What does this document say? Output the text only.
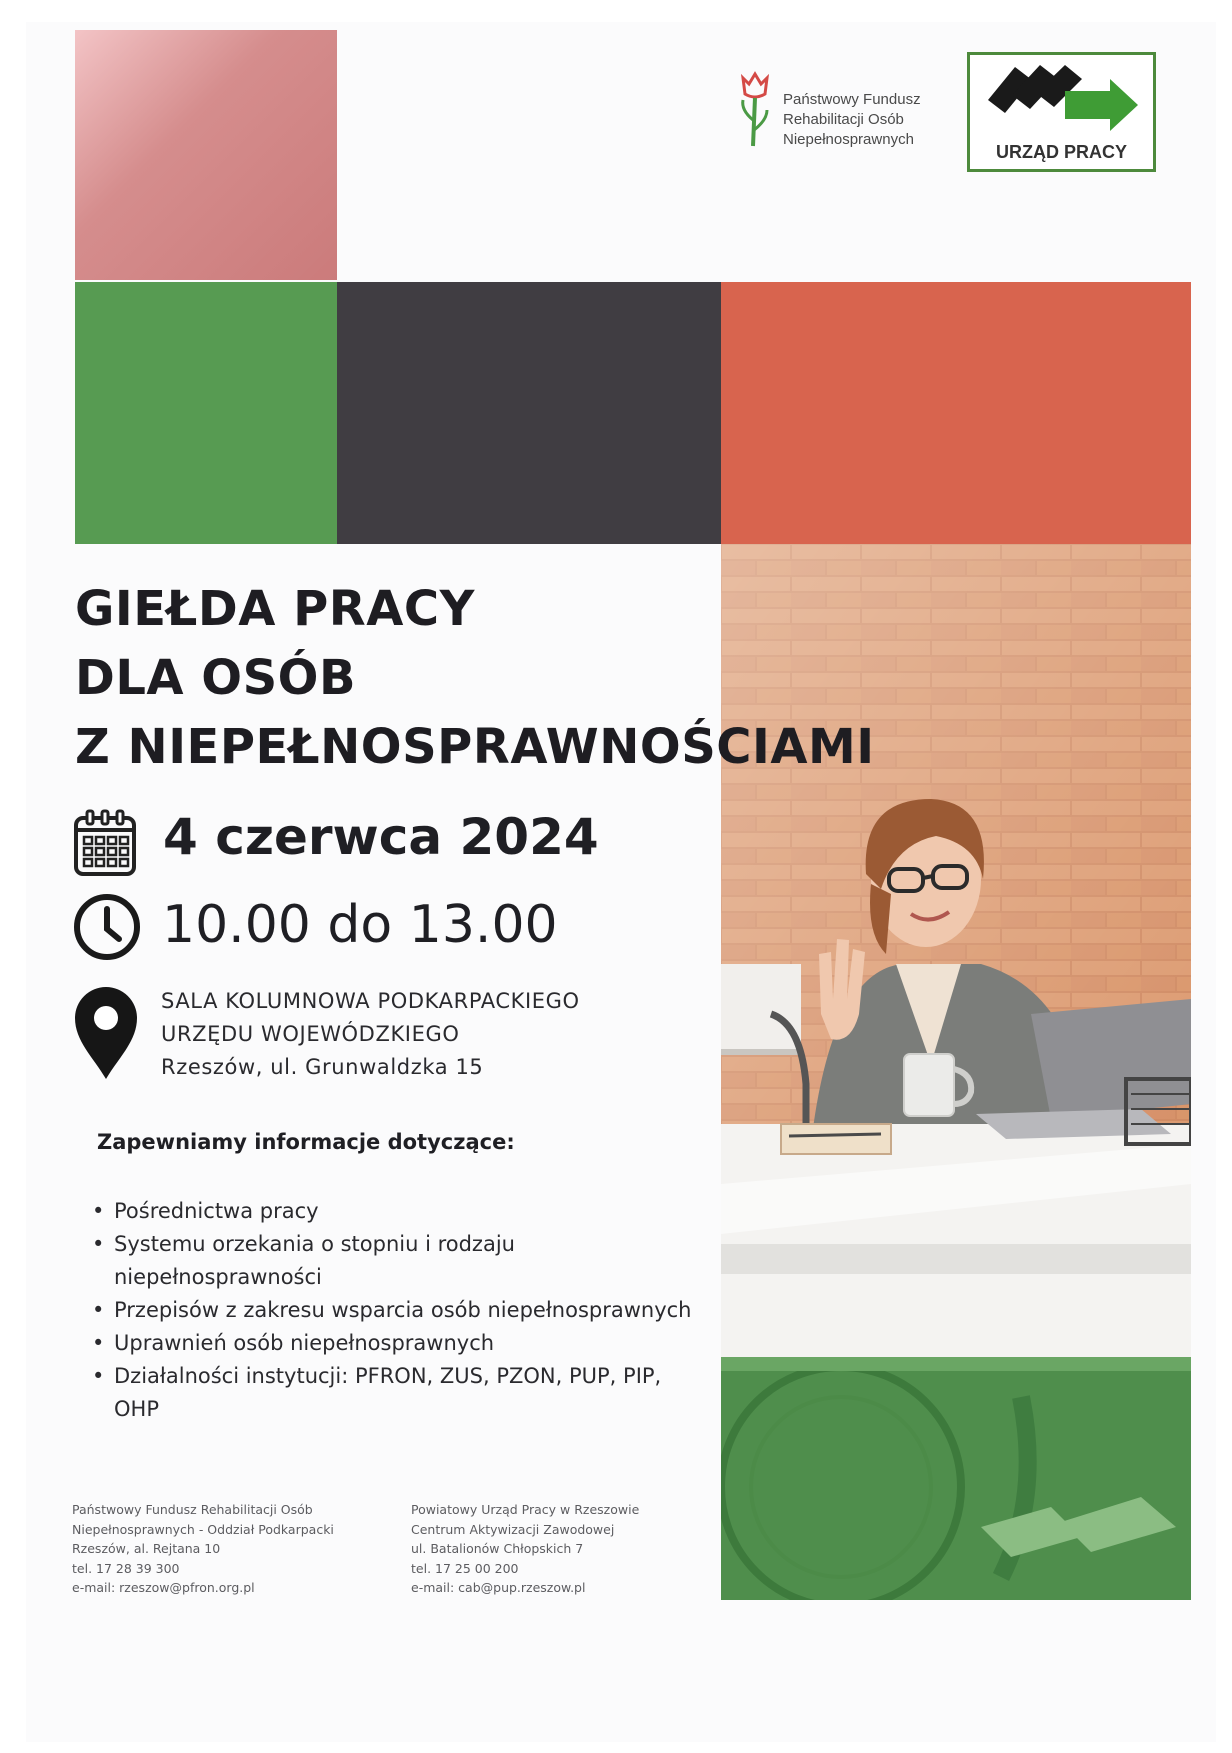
Państwowy Fundusz
Rehabilitacji Osób
Niepełnosprawnych
URZĄD PRACY
GIEŁDA PRACY
DLA OSÓB
Z NIEPEŁNOSPRAWNOŚCIAMI
4 czerwca 2024
10.00 do 13.00
SALA KOLUMNOWA PODKARPACKIEGO
URZĘDU WOJEWÓDZKIEGO
Rzeszów, ul. Grunwaldzka 15
Zapewniamy informacje dotyczące:
• Pośrednictwa pracy
• Systemu orzekania o stopniu i rodzaju niepełnosprawności
• Przepisów z zakresu wsparcia osób niepełnosprawnych
• Uprawnień osób niepełnosprawnych
• Działalności instytucji: PFRON, ZUS, PZON, PUP, PIP, OHP
Państwowy Fundusz Rehabilitacji Osób
Niepełnosprawnych - Oddział Podkarpacki
Rzeszów, al. Rejtana 10
tel. 17 28 39 300
e-mail: rzeszow@pfron.org.pl
Powiatowy Urząd Pracy w Rzeszowie
Centrum Aktywizacji Zawodowej
ul. Batalionów Chłopskich 7
tel. 17 25 00 200
e-mail: cab@pup.rzeszow.pl
